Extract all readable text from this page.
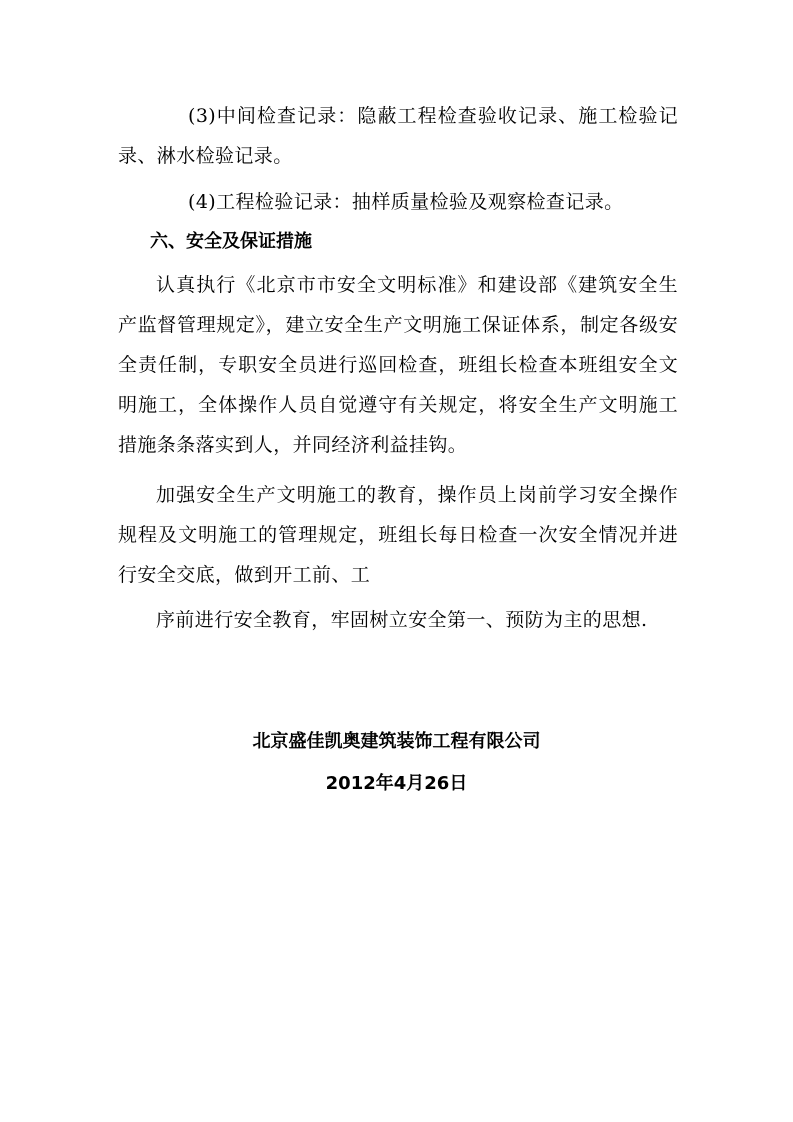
(3)中间检查记录：隐蔽工程检查验收记录、施工检验记录、淋水检验记录。
(4)工程检验记录：抽样质量检验及观察检查记录。
六、安全及保证措施
认真执行《北京市市安全文明标准》和建设部《建筑安全生产监督管理规定》，建立安全生产文明施工保证体系，制定各级安全责任制，专职安全员进行巡回检查，班组长检查本班组安全文明施工，全体操作人员自觉遵守有关规定，将安全生产文明施工措施条条落实到人，并同经济利益挂钩。
加强安全生产文明施工的教育，操作员上岗前学习安全操作规程及文明施工的管理规定，班组长每日检查一次安全情况并进行安全交底，做到开工前、工
序前进行安全教育，牢固树立安全第一、预防为主的思想.
北京盛佳凯奥建筑装饰工程有限公司
2012年4月26日
